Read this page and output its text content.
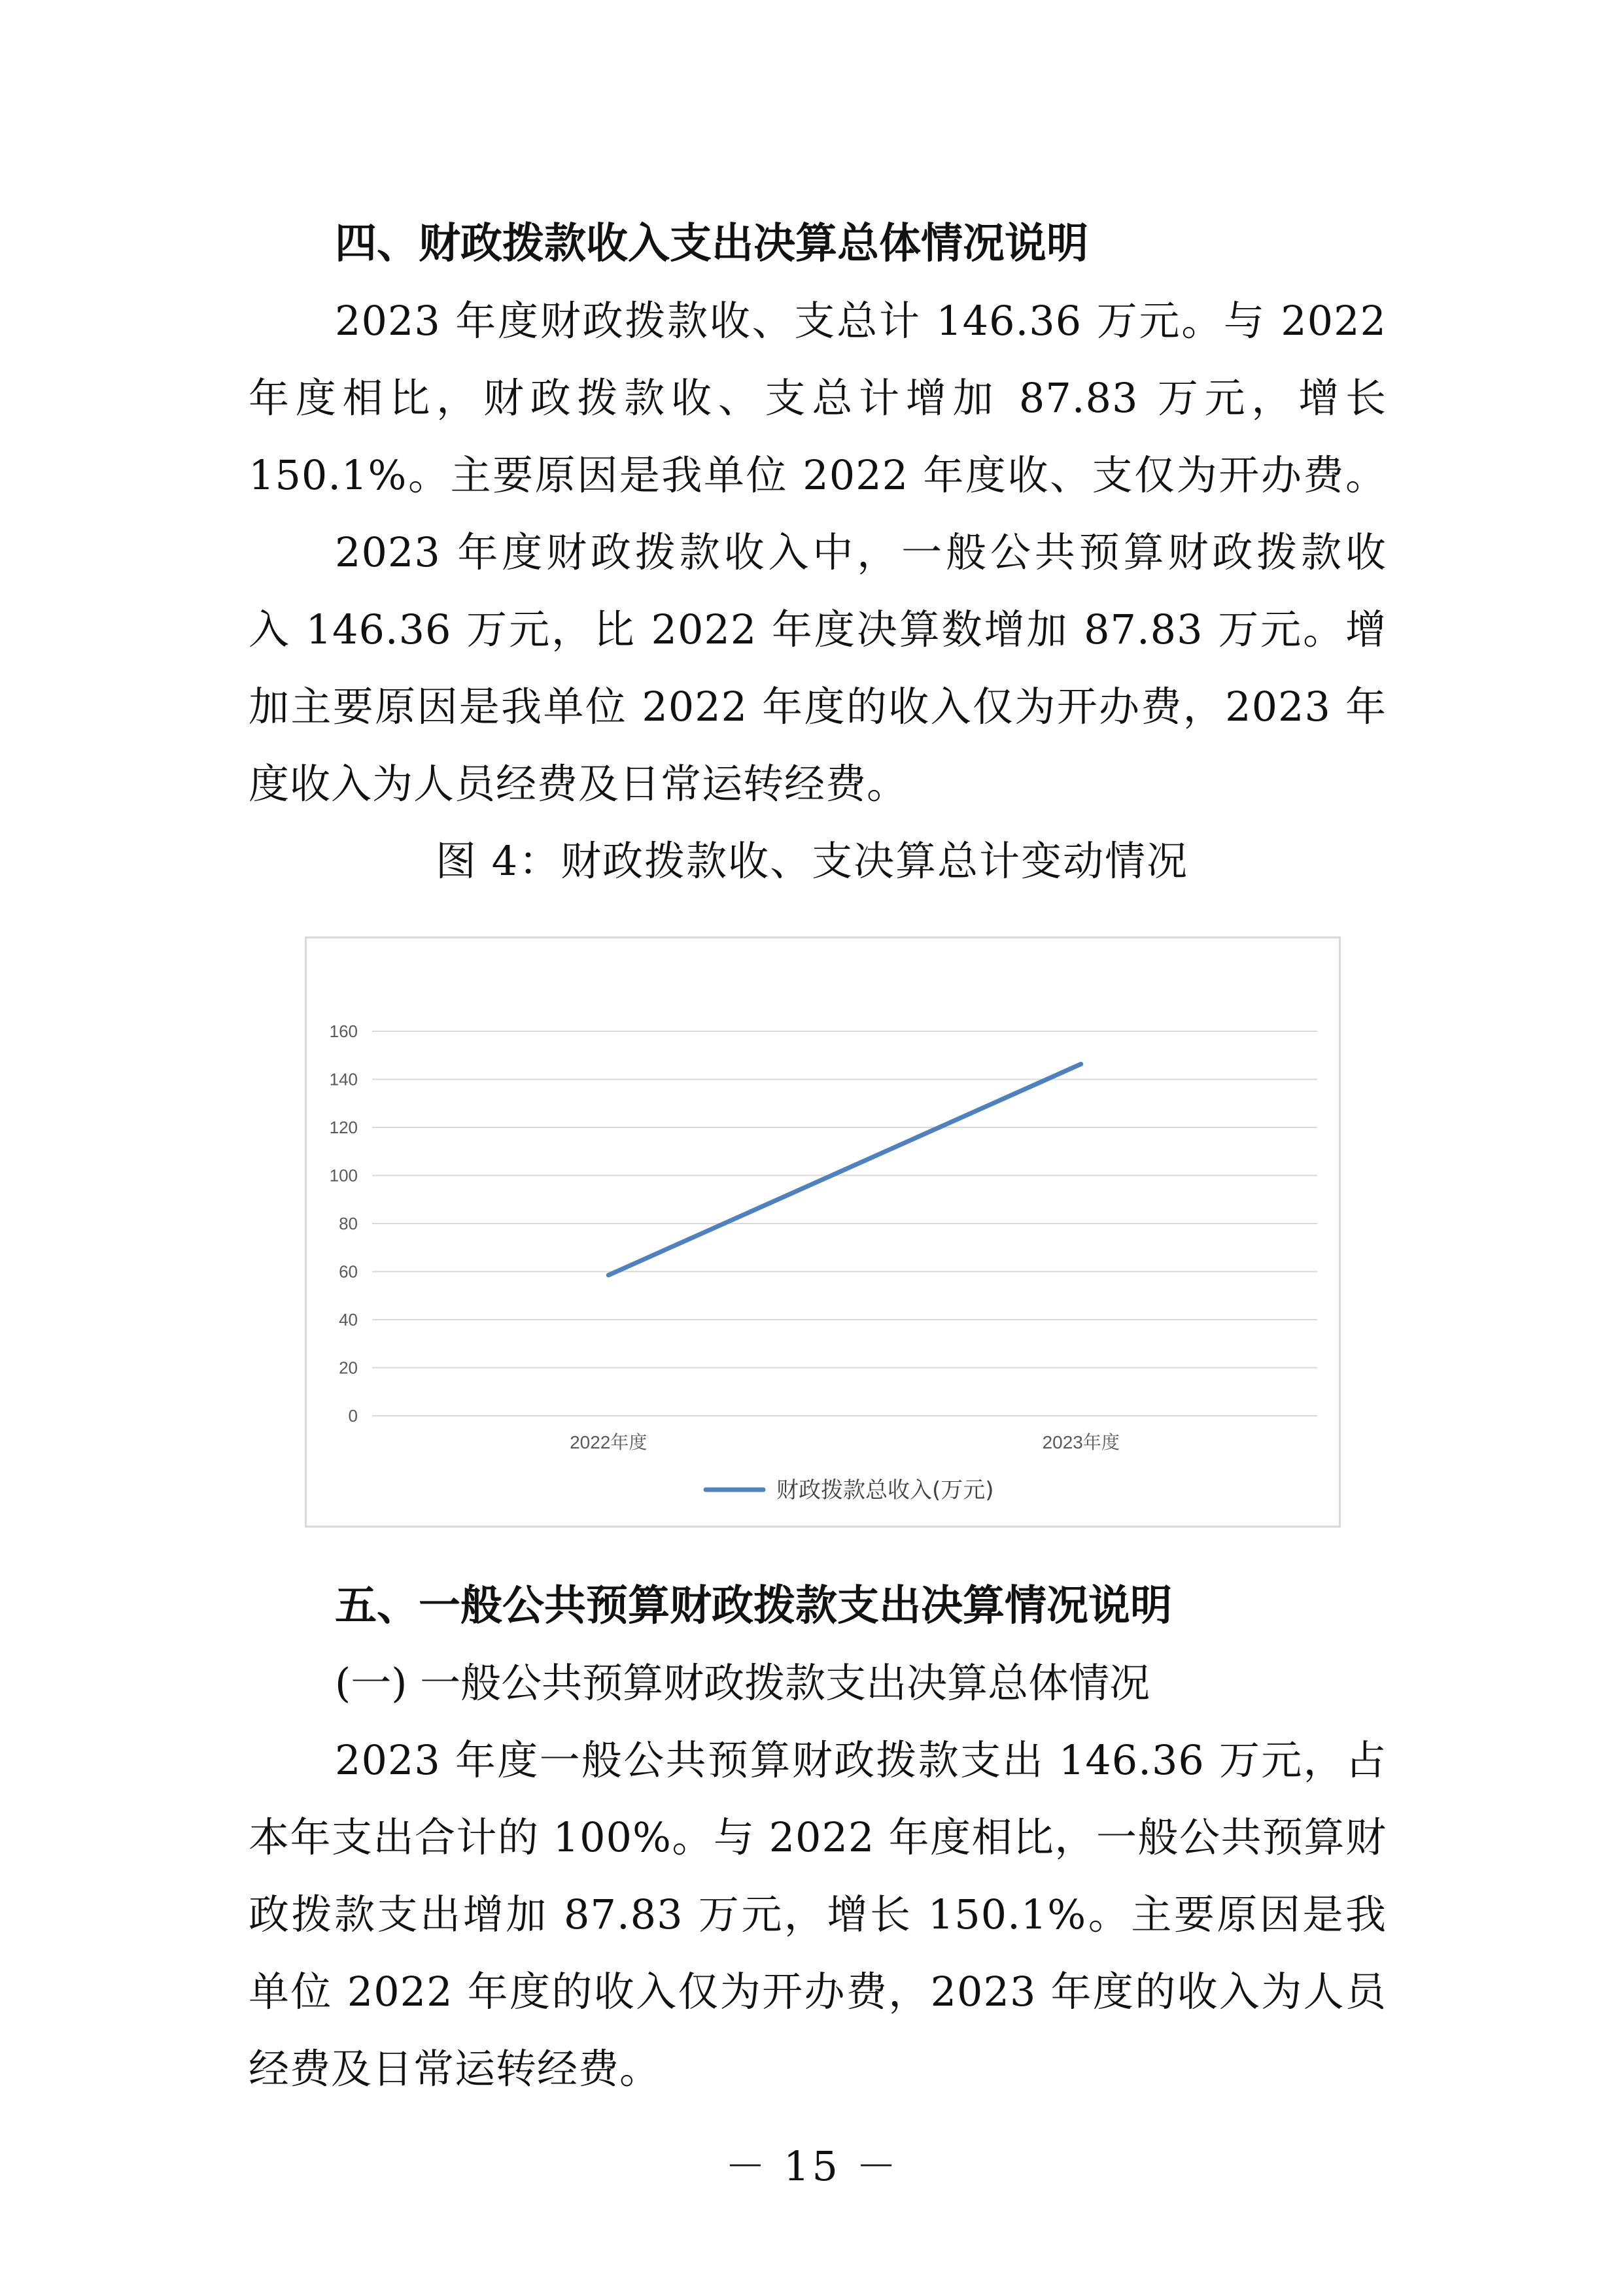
四、财政拨款收入支出决算总体情况说明
2023 年度财政拨款收、支总计 146.36 万元。与 2022
年度相比，财政拨款收、支总计增加 87.83 万元，增长
150.1%。主要原因是我单位 2022 年度收、支仅为开办费。
2023 年度财政拨款收入中，一般公共预算财政拨款收
入 146.36 万元，比 2022 年度决算数增加 87.83 万元。增
加主要原因是我单位 2022 年度的收入仅为开办费，2023 年
度收入为人员经费及日常运转经费。
图 4：财政拨款收、支决算总计变动情况
0
20
40
60
80
100
120
140
160
2022年度	2023年度
财政拨款总收入(万元)
五、一般公共预算财政拨款支出决算情况说明
(一) 一般公共预算财政拨款支出决算总体情况
2023 年度一般公共预算财政拨款支出 146.36 万元，占
本年支出合计的 100%。与 2022 年度相比，一般公共预算财
政拨款支出增加 87.83 万元，增长 150.1%。主要原因是我
单位 2022 年度的收入仅为开办费，2023 年度的收入为人员
经费及日常运转经费。
－ 15 －
